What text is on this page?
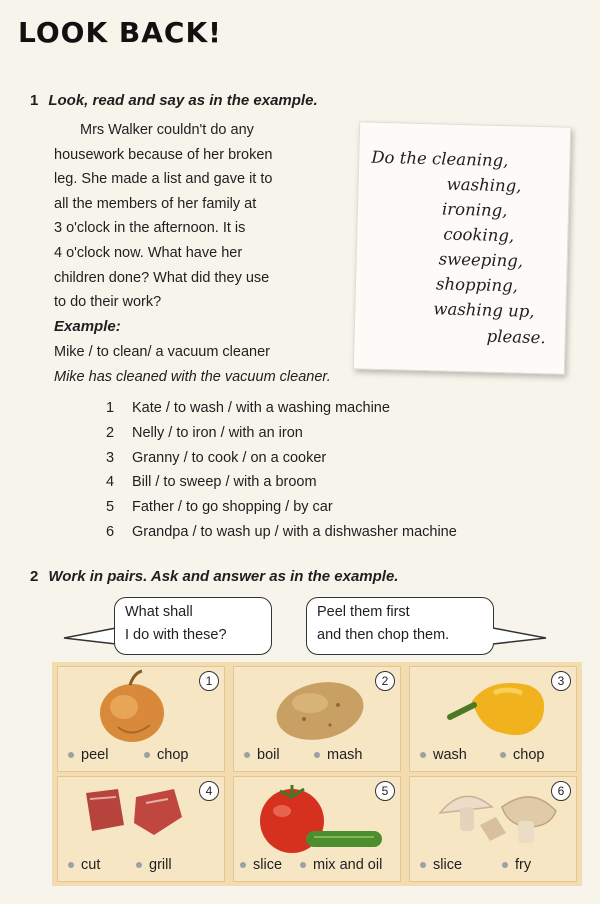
LOOK BACK!
1 Look, read and say as in the example.
Mrs Walker couldn't do any
housework because of her broken
leg. She made a list and gave it to
all the members of her family at
3 o'clock in the afternoon. It is
4 o'clock now. What have her
children done? What did they use
to do their work?
Do the cleaning,
washing,
ironing,
cooking,
sweeping,
shopping,
washing up,
please.
Example:
Mike / to clean/ a vacuum cleaner
Mike has cleaned with the vacuum cleaner.
1 Kate / to wash / with a washing machine
2 Nelly / to iron / with an iron
3 Granny / to cook / on a cooker
4 Bill / to sweep / with a broom
5 Father / to go shopping / by car
6 Grandpa / to wash up / with a dishwasher machine
2 Work in pairs. Ask and answer as in the example.
What shall
I do with these?
Peel them first
and then chop them.
1
peel	chop
2
boil	mash
3
wash	chop
4
cut	grill
5
slice	mix and oil
6
slice	fry
